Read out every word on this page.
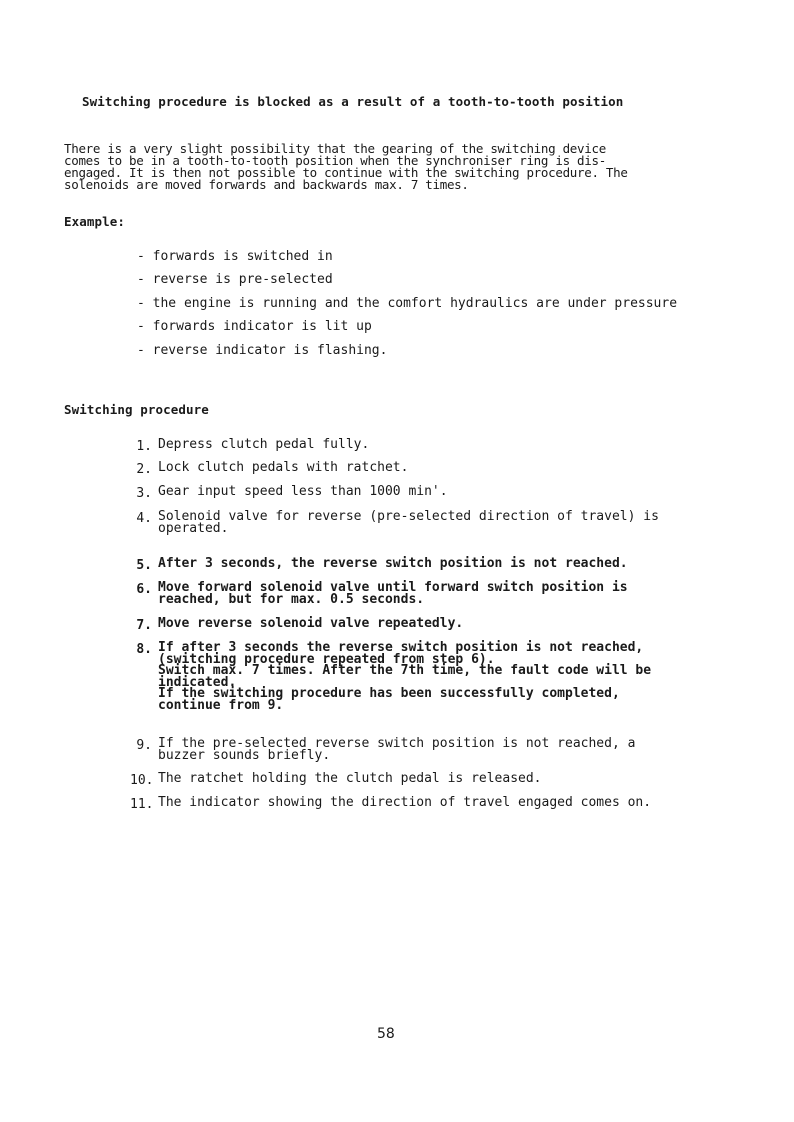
Switching procedure is blocked as a result of a tooth-to-tooth position
There is a very slight possibility that the gearing of the switching device
comes to be in a tooth-to-tooth position when the synchroniser ring is dis-
engaged. It is then not possible to continue with the switching procedure. The
solenoids are moved forwards and backwards max. 7 times.
Example:
- forwards is switched in
- reverse is pre-selected
- the engine is running and the comfort hydraulics are under pressure
- forwards indicator is lit up
- reverse indicator is flashing.
Switching procedure
1. Depress clutch pedal fully.
2. Lock clutch pedals with ratchet.
3. Gear input speed less than 1000 min'.
4. Solenoid valve for reverse (pre-selected direction of travel) is
operated.
5. After 3 seconds, the reverse switch position is not reached.
6. Move forward solenoid valve until forward switch position is
reached, but for max. 0.5 seconds.
7. Move reverse solenoid valve repeatedly.
8. If after 3 seconds the reverse switch position is not reached,
(switching procedure repeated from step 6).
Switch max. 7 times. After the 7th time, the fault code will be
indicated.
If the switching procedure has been successfully completed,
continue from 9.
9. If the pre-selected reverse switch position is not reached, a
buzzer sounds briefly.
10. The ratchet holding the clutch pedal is released.
11. The indicator showing the direction of travel engaged comes on.
58
